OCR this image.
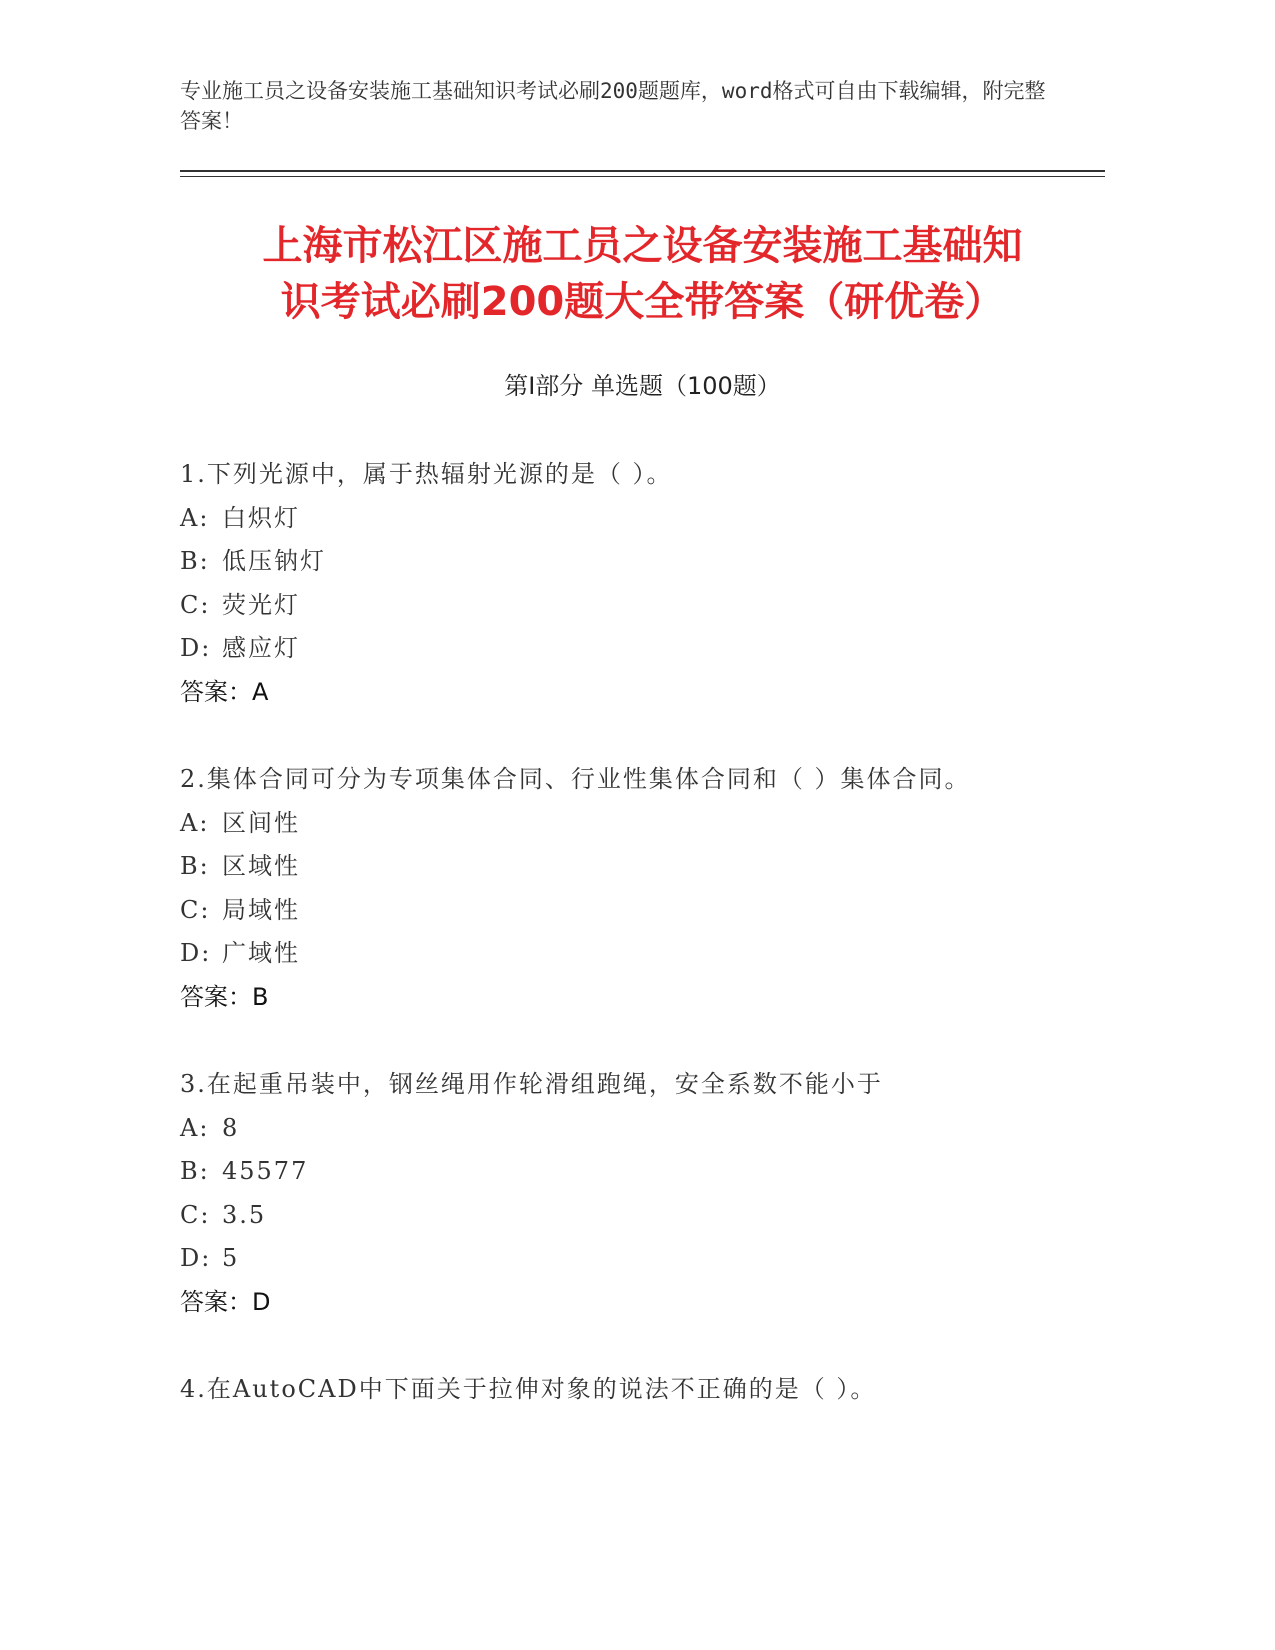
专业施工员之设备安装施工基础知识考试必刷200题题库，word格式可自由下载编辑，附完整答案！
上海市松江区施工员之设备安装施工基础知
识考试必刷200题大全带答案（研优卷）
第Ⅰ部分 单选题（100题）
1.下列光源中，属于热辐射光源的是（ ）。
A: 白炽灯
B: 低压钠灯
C: 荧光灯
D: 感应灯
答案：A
2.集体合同可分为专项集体合同、行业性集体合同和（ ）集体合同。
A: 区间性
B: 区域性
C: 局域性
D: 广域性
答案：B
3.在起重吊装中，钢丝绳用作轮滑组跑绳，安全系数不能小于
A: 8
B: 45577
C: 3.5
D: 5
答案：D
4.在AutoCAD中下面关于拉伸对象的说法不正确的是（ ）。
